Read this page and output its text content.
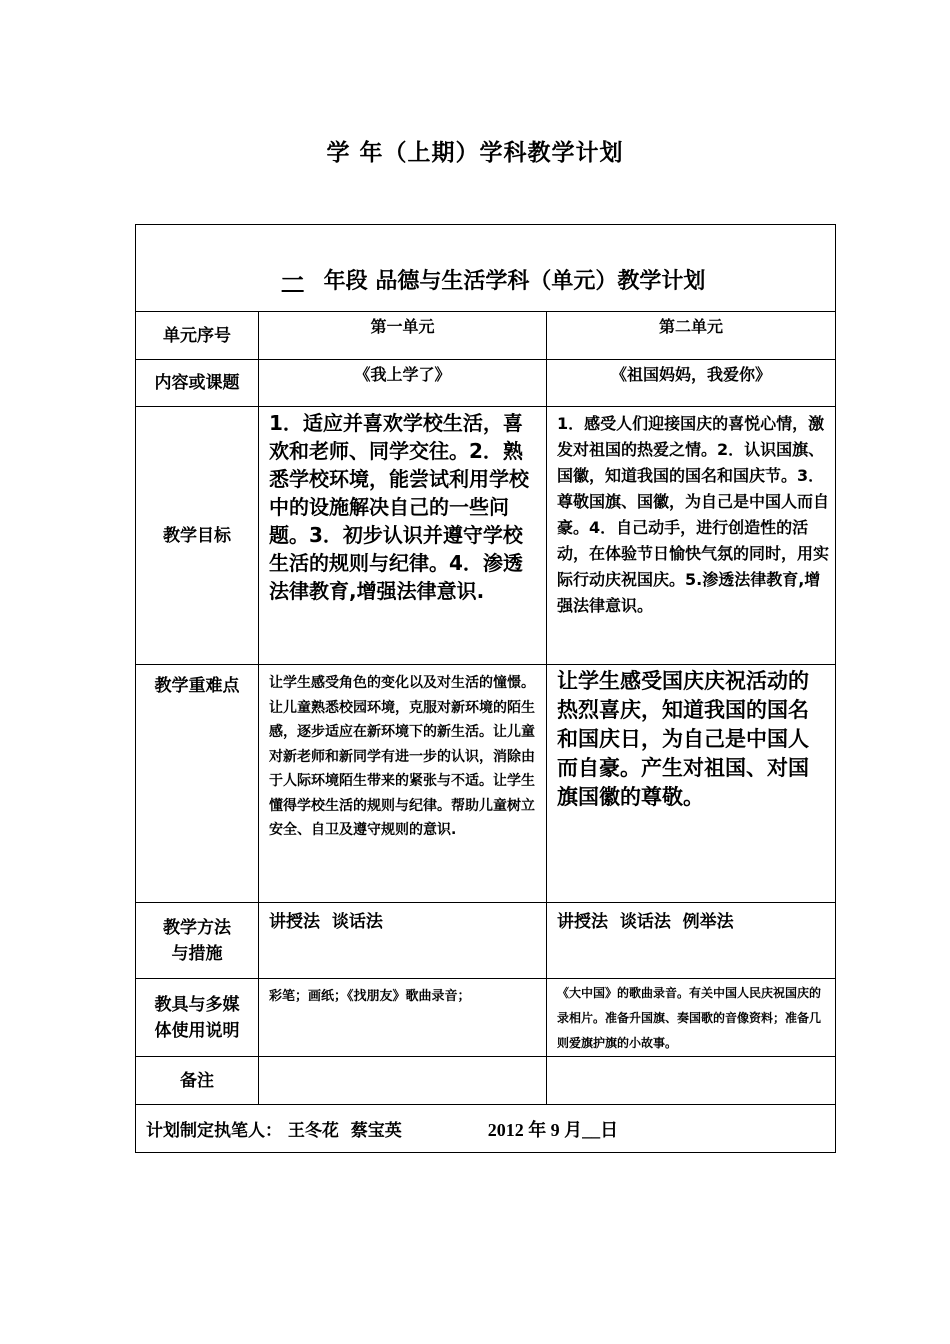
学 年（上期）学科教学计划
一 年段 品德与生活学科（单元）教学计划		

单元序号	第一单元	第二单元
内容或课题	《我上学了》	《祖国妈妈，我爱你》
教学目标	1．适应并喜欢学校生活，喜欢和老师、同学交往。2．熟悉学校环境，能尝试利用学校中的设施解决自己的一些问题。3．初步认识并遵守学校生活的规则与纪律。4．渗透法律教育,增强法律意识.	1．感受人们迎接国庆的喜悦心情，激发对祖国的热爱之情。2．认识国旗、国徽，知道我国的国名和国庆节。3．尊敬国旗、国徽，为自己是中国人而自豪。4．自己动手，进行创造性的活动，在体验节日愉快气氛的同时，用实际行动庆祝国庆。5.渗透法律教育,增强法律意识。
教学重难点	让学生感受角色的变化以及对生活的憧憬。让儿童熟悉校园环境，克服对新环境的陌生感，逐步适应在新环境下的新生活。让儿童对新老师和新同学有进一步的认识，消除由于人际环境陌生带来的紧张与不适。让学生懂得学校生活的规则与纪律。帮助儿童树立安全、自卫及遵守规则的意识.	让学生感受国庆庆祝活动的热烈喜庆，知道我国的国名和国庆日，为自己是中国人而自豪。产生对祖国、对国旗国徽的尊敬。

教学方法
与措施	讲授法  谈话法	讲授法  谈话法  例举法

教具与多媒
体使用说明	彩笔；画纸；《找朋友》歌曲录音；	《大中国》的歌曲录音。有关中国人民庆祝国庆的录相片。准备升国旗、奏国歌的音像资料；准备几则爱旗护旗的小故事。
备注		
计划制定执笔人： 王冬花  蔡宝英 2012 年 9 月__日		
